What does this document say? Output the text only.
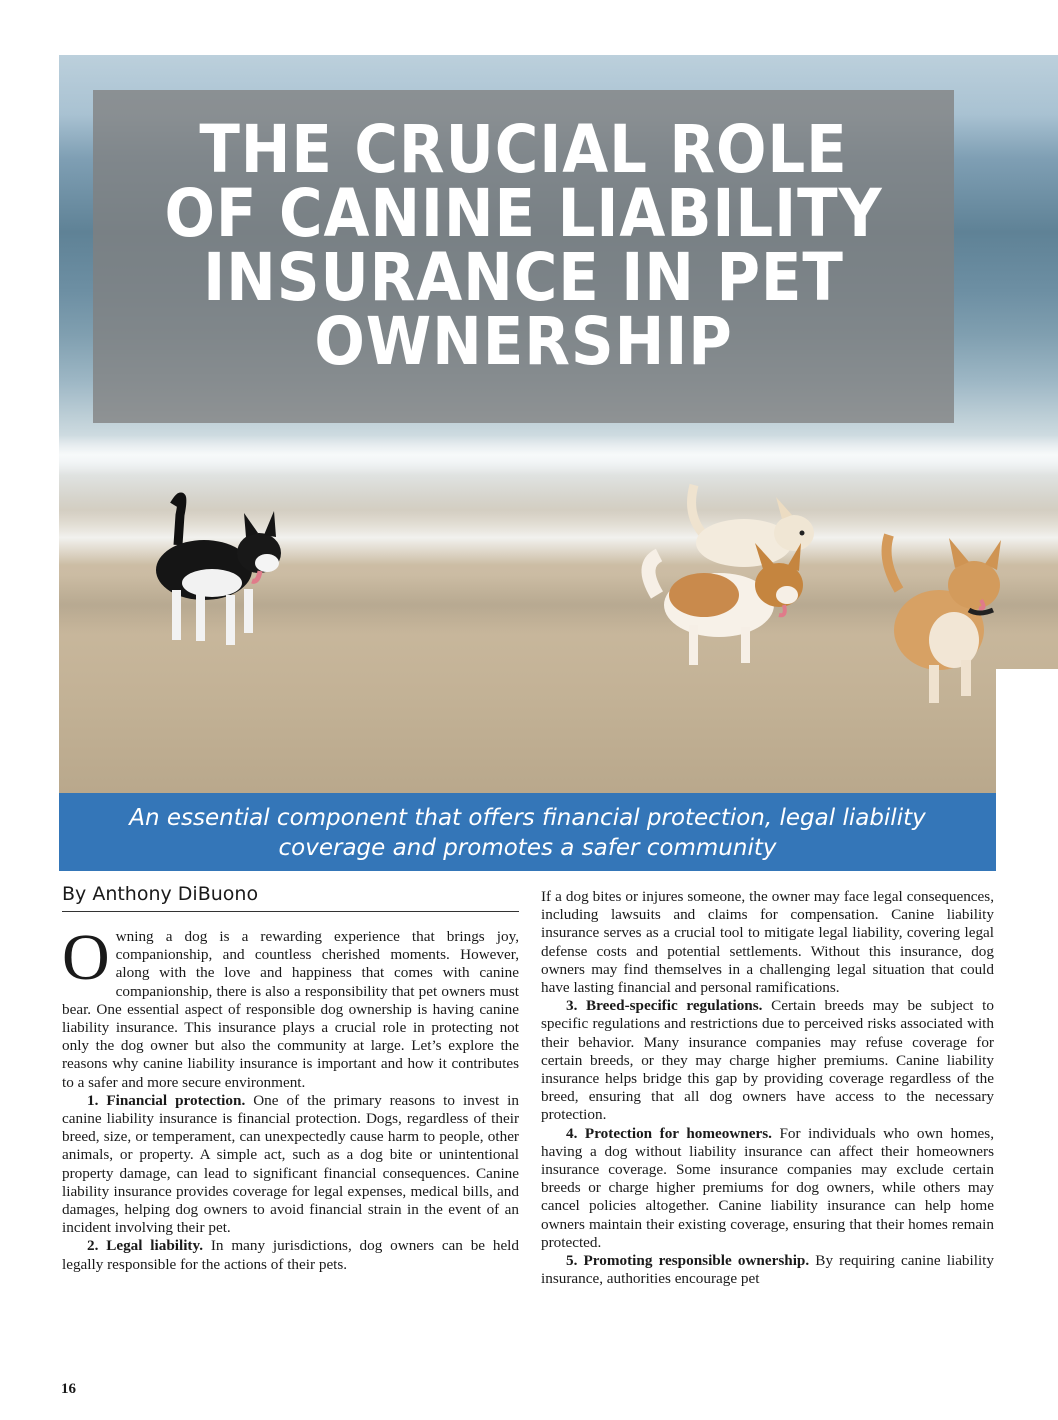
THE CRUCIAL ROLE
OF CANINE LIABILITY
INSURANCE IN PET
OWNERSHIP

An essential component that offers financial protection, legal liability coverage and promotes a safer community

By Anthony DiBuono

Owning a dog is a rewarding experience that brings joy, companionship, and countless cherished moments. However, along with the love and happiness that comes with canine companionship, there is also a responsibility that pet owners must bear. One essential aspect of responsible dog ownership is having canine liability insurance. This insurance plays a crucial role in protecting not only the dog owner but also the community at large. Let’s explore the reasons why canine liability insurance is important and how it contributes to a safer and more secure environment.

1. Financial protection. One of the primary reasons to invest in canine liability insurance is financial protection. Dogs, regardless of their breed, size, or temperament, can unexpectedly cause harm to people, other animals, or property. A simple act, such as a dog bite or unintentional property damage, can lead to significant financial consequences. Canine liability insurance provides coverage for legal expenses, medical bills, and damages, helping dog owners to avoid financial strain in the event of an incident involving their pet.

2. Legal liability. In many jurisdictions, dog owners can be held legally responsible for the actions of their pets.

If a dog bites or injures someone, the owner may face legal consequences, including lawsuits and claims for compensation. Canine liability insurance serves as a crucial tool to mitigate legal liability, covering legal defense costs and potential settlements. Without this insurance, dog owners may find themselves in a challenging legal situation that could have lasting financial and personal ramifications.

3. Breed-specific regulations. Certain breeds may be subject to specific regulations and restrictions due to perceived risks associated with their behavior. Many insurance companies may refuse coverage for certain breeds, or they may charge higher premiums. Canine liability insurance helps bridge this gap by providing coverage regardless of the breed, ensuring that all dog owners have access to the necessary protection.

4. Protection for homeowners. For individuals who own homes, having a dog without liability insurance can affect their homeowners insurance coverage. Some insurance companies may exclude certain breeds or charge higher premiums for dog owners, while others may cancel policies altogether. Canine liability insurance can help home owners maintain their existing coverage, ensuring that their homes remain protected.

5. Promoting responsible ownership. By requiring canine liability insurance, authorities encourage pet

16
